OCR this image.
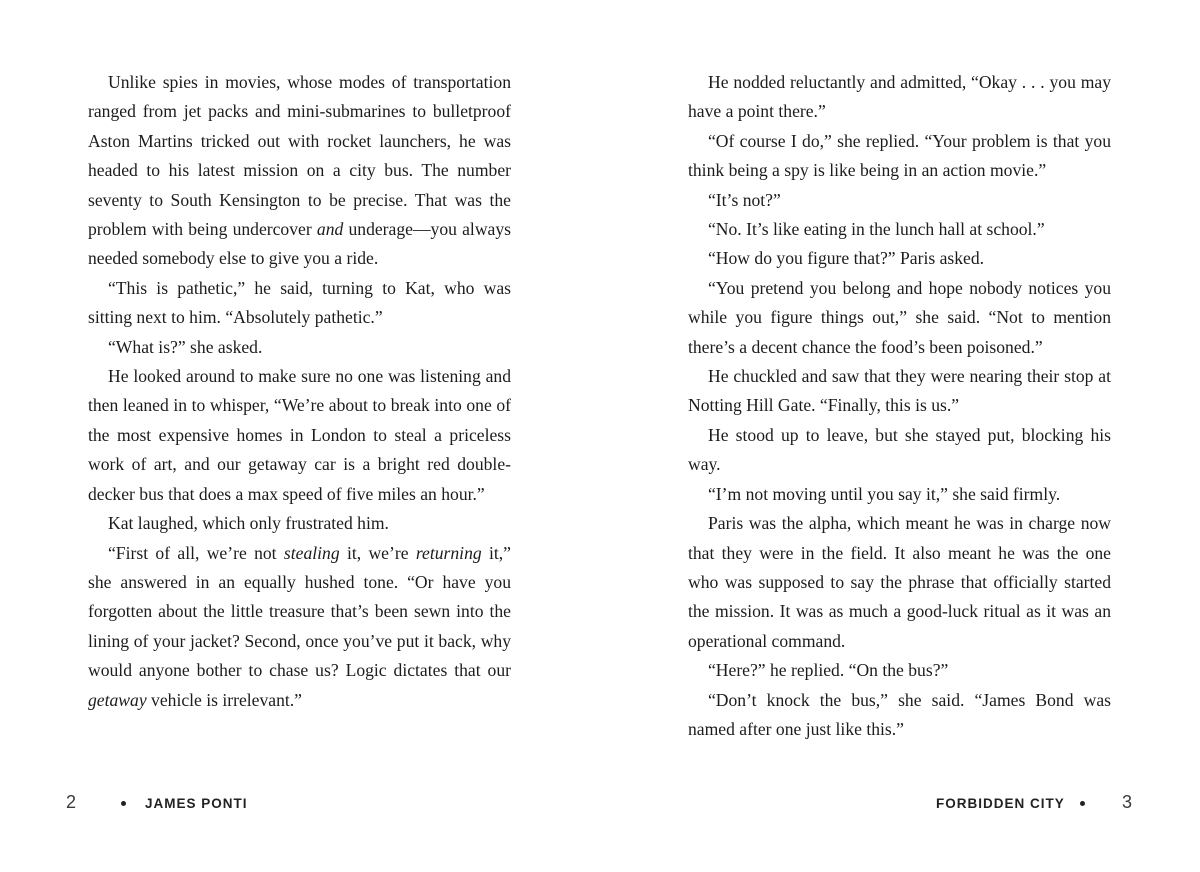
Unlike spies in movies, whose modes of transportation ranged from jet packs and mini-submarines to bulletproof Aston Martins tricked out with rocket launchers, he was headed to his latest mission on a city bus. The number seventy to South Kensington to be precise. That was the problem with being undercover and underage—you always needed somebody else to give you a ride.

“This is pathetic,” he said, turning to Kat, who was sitting next to him. “Absolutely pathetic.”

“What is?” she asked.

He looked around to make sure no one was listening and then leaned in to whisper, “We’re about to break into one of the most expensive homes in London to steal a priceless work of art, and our getaway car is a bright red double-decker bus that does a max speed of five miles an hour.”

Kat laughed, which only frustrated him.

“First of all, we’re not stealing it, we’re returning it,” she answered in an equally hushed tone. “Or have you forgotten about the little treasure that’s been sewn into the lining of your jacket? Second, once you’ve put it back, why would anyone bother to chase us? Logic dictates that our getaway vehicle is irrelevant.”

2	JAMES PONTI

He nodded reluctantly and admitted, “Okay . . . you may have a point there.”

“Of course I do,” she replied. “Your problem is that you think being a spy is like being in an action movie.”

“It’s not?”

“No. It’s like eating in the lunch hall at school.”

“How do you figure that?” Paris asked.

“You pretend you belong and hope nobody notices you while you figure things out,” she said. “Not to mention there’s a decent chance the food’s been poisoned.”

He chuckled and saw that they were nearing their stop at Notting Hill Gate. “Finally, this is us.”

He stood up to leave, but she stayed put, blocking his way.

“I’m not moving until you say it,” she said firmly.

Paris was the alpha, which meant he was in charge now that they were in the field. It also meant he was the one who was supposed to say the phrase that officially started the mission. It was as much a good-luck ritual as it was an operational command.

“Here?” he replied. “On the bus?”

“Don’t knock the bus,” she said. “James Bond was named after one just like this.”

FORBIDDEN CITY	3
